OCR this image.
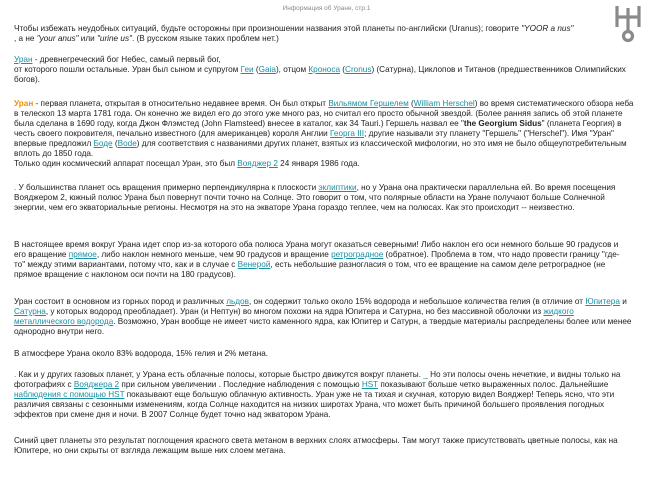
Информация об Уране, стр.1

Чтобы избежать неудобных ситуаций, будьте осторожны при произношении названия этой планеты по-английски (Uranus); говорите "YOOR a nus" , а не "your anus" или "urine us". (В русском языке таких проблем нет.)

Уран - древнегреческий бог Небес, самый первый бог,
от которого пошли остальные. Уран был сыном и супругом Геи (Gaia), отцом Кроноса (Cronus) (Сатурна), Циклопов и Титанов (предшественников Олимпийских богов).

Уран - первая планета, открытая в относительно недавнее время. Он был открыт Вильямом Гершелем (William Herschel) во время систематического обзора неба в телескоп 13 марта 1781 года. Он конечно же видел его до этого уже много раз, но считал его просто обычной звездой. (Более ранняя запись об этой планете была сделана в 1690 году, когда Джон Флэмстед (John Flamsteed) внесее в каталог, как 34 Tauri.) Гершель назвал ее "the Georgium Sidus" (планета Георгия) в честь своего покровителя, печально известного (для американцев) короля Англии Георга III; другие называли эту планету "Гершель" ("Herschel"). Имя "Уран" впервые предложил Боде (Bode) для соответствия с названиями других планет, взятых из классической мифологии, но это имя не было общеупотребительным вплоть до 1850 года.
Только один космический аппарат посещал Уран, это был Вояджер 2 24 января 1986 года.

. У большинства планет ось вращения примерно перпендикулярна к плоскости эклиптики, но у Урана она практически параллельна ей. Во время посещения Вояджером 2, южный полюс Урана был повернут почти точно на Солнце. Это говорит о том, что полярные области на Уране получают больше Солнечной энергии, чем его экваториальные регионы. Несмотря на это на экваторе Урана гораздо теплее, чем на полюсах. Как это происходит -- неизвестно.

В настоящее время вокруг Урана идет спор из-за которого оба полюса Урана могут оказаться северными! Либо наклон его оси немного больше 90 градусов и его вращение прямое, либо наклон немного меньше, чем 90 градусов и вращение ретроградное (обратное). Проблема в том, что надо провести границу "где-то" между этими вариантами, потому что, как и в случае с Венерой, есть небольшие разногласия о том, что ее вращение на самом деле ретроградное (не прямое вращение с наклоном оси почти на 180 градусов).

Уран состоит в основном из горных пород и различных льдов, он содержит только около 15% водорода и небольшое количества гелия (в отличие от Юпитера и Сатурна, у которых водород преобладает). Уран (и Нептун) во многом похожи на ядра Юпитера и Сатурна, но без массивной оболочки из жидкого металлического водорода. Возможно, Уран вообще не имеет чисто каменного ядра, как Юпитер и Сатурн, а твердые материалы распределены более или менее однородно внутри него.

В атмосфере Урана около 83% водорода, 15% гелия и 2% метана.

. Как и у других газовых планет, у Урана есть облачные полосы, которые быстро движутся вокруг планеты. _ Но эти полосы очень нечеткие, и видны только на фотографиях с Вояджера 2 при сильном увеличении . Последние наблюдения с помощью HST показывают больше четко выраженных полос. Дальнейшие наблюдения с помощью HST показывают еще большую облачную активность. Уран уже не та тихая и скучная, которую видел Вояджер! Теперь ясно, что эти различия связаны с сезонными изменениям, когда Солнце находится на низких широтах Урана, что может быть причиной большего проявления погодных эффектов при смене дня и ночи. В 2007 Солнце будет точно над экватором Урана.

Синий цвет планеты это результат поглощения красного света метаном в верхних слоях атмосферы. Там могут также присутствовать цветные полосы, как на Юпитере, но они скрыты от взгляда лежащим выше них слоем метана.
